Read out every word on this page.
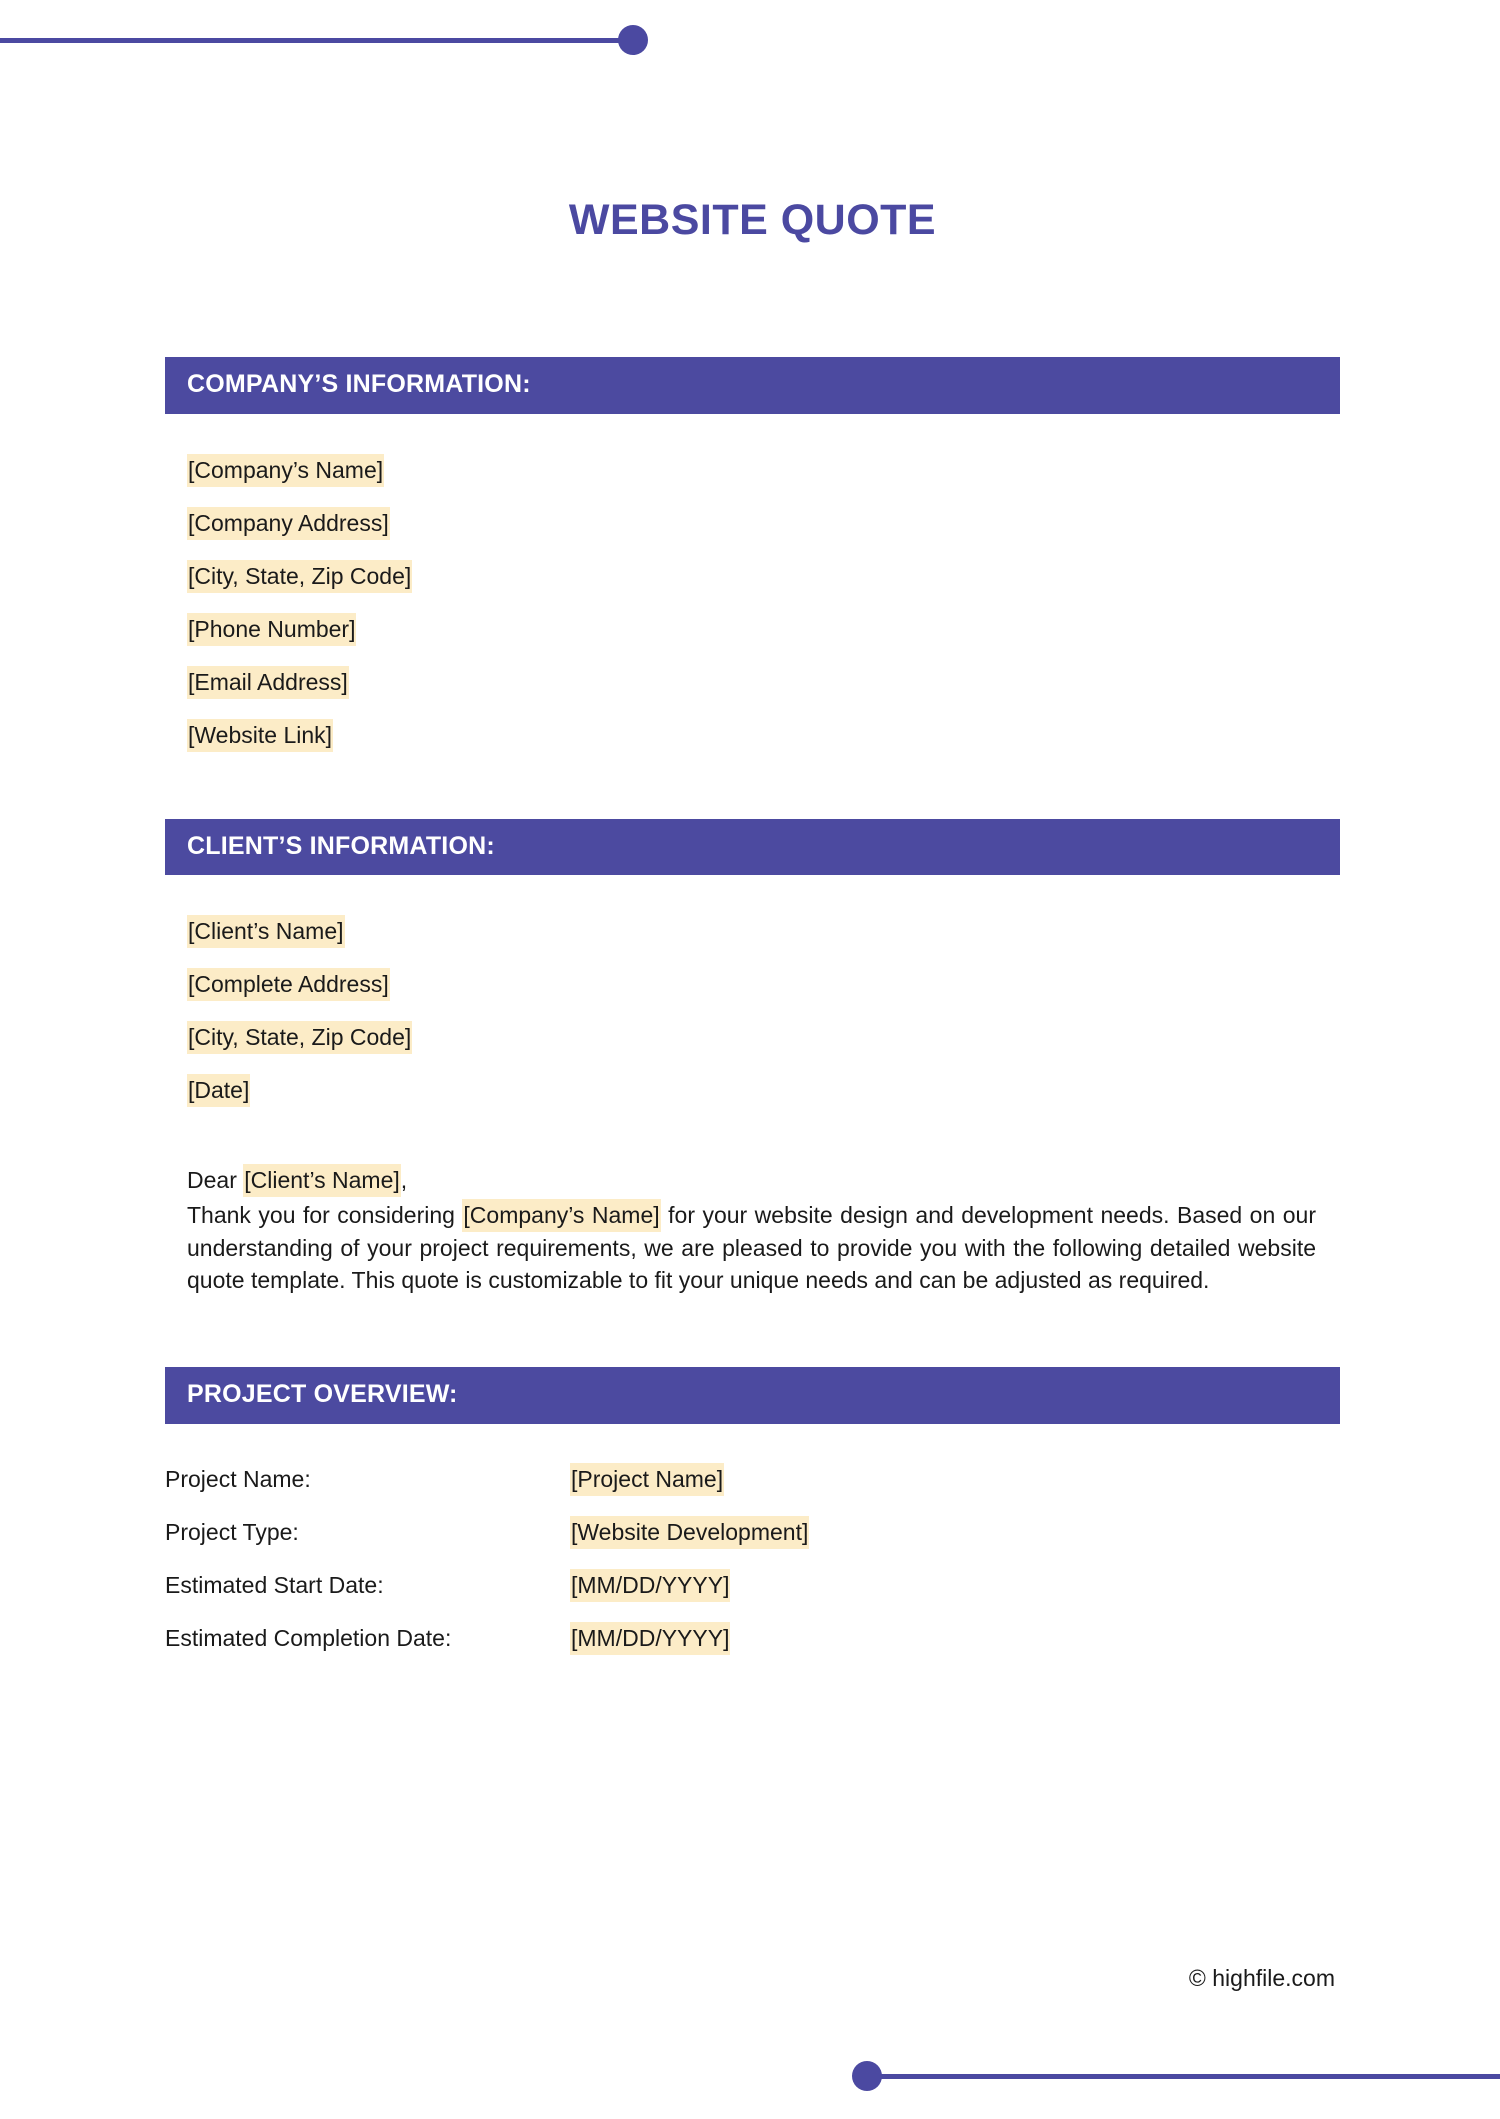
WEBSITE QUOTE
COMPANY’S INFORMATION:
[Company’s Name]
[Company Address]
[City, State, Zip Code]
[Phone Number]
[Email Address]
[Website Link]
CLIENT’S INFORMATION:
[Client’s Name]
[Complete Address]
[City, State, Zip Code]
[Date]

Dear [Client’s Name],

Thank you for considering [Company’s Name] for your website design and development needs. Based on our understanding of your project requirements, we are pleased to provide you with the following detailed website quote template. This quote is customizable to fit your unique needs and can be adjusted as required.

PROJECT OVERVIEW:
Project Name:	[Project Name]
Project Type:	[Website Development]
Estimated Start Date:	[MM/DD/YYYY]
Estimated Completion Date:	[MM/DD/YYYY]
© highfile.com
